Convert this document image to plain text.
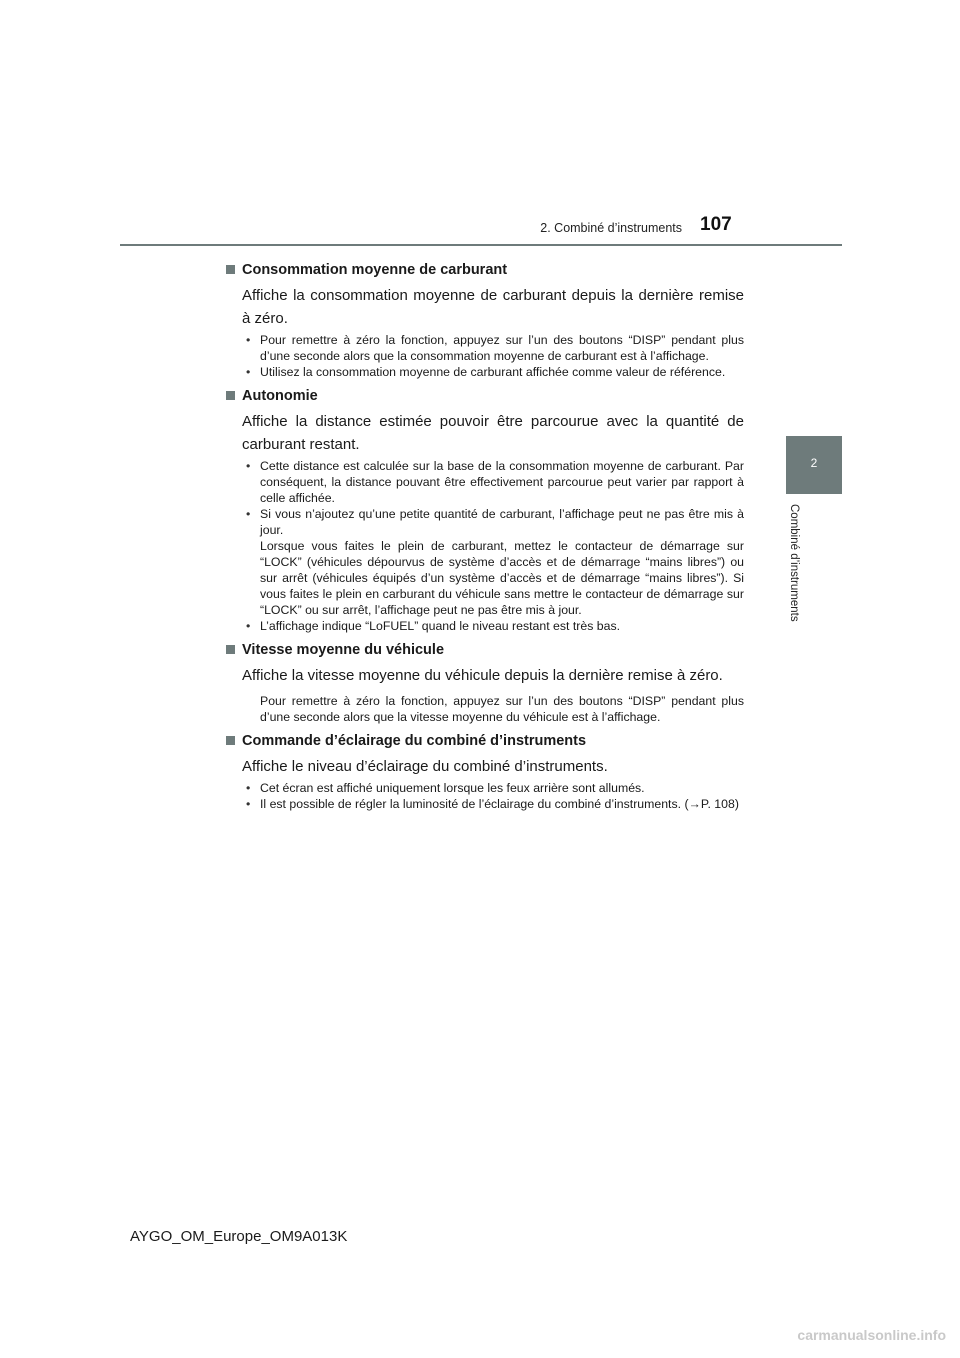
2. Combiné d’instruments 107
2
Combiné d’instruments
Consommation moyenne de carburant
Affiche la consommation moyenne de carburant depuis la dernière remise à zéro.
• Pour remettre à zéro la fonction, appuyez sur l’un des boutons “DISP” pendant plus d’une seconde alors que la consommation moyenne de carburant est à l’affichage.
• Utilisez la consommation moyenne de carburant affichée comme valeur de référence.
Autonomie
Affiche la distance estimée pouvoir être parcourue avec la quantité de carburant restant.
• Cette distance est calculée sur la base de la consommation moyenne de carburant. Par conséquent, la distance pouvant être effectivement parcourue peut varier par rapport à celle affichée.
• Si vous n’ajoutez qu’une petite quantité de carburant, l’affichage peut ne pas être mis à jour.
Lorsque vous faites le plein de carburant, mettez le contacteur de démarrage sur “LOCK” (véhicules dépourvus de système d’accès et de démarrage “mains libres”) ou sur arrêt (véhicules équipés d’un système d’accès et de démarrage “mains libres”). Si vous faites le plein en carburant du véhicule sans mettre le contacteur de démarrage sur “LOCK” ou sur arrêt, l’affichage peut ne pas être mis à jour.
• L’affichage indique “LoFUEL” quand le niveau restant est très bas.
Vitesse moyenne du véhicule
Affiche la vitesse moyenne du véhicule depuis la dernière remise à zéro.
Pour remettre à zéro la fonction, appuyez sur l’un des boutons “DISP” pendant plus d’une seconde alors que la vitesse moyenne du véhicule est à l’affichage.
Commande d’éclairage du combiné d’instruments
Affiche le niveau d’éclairage du combiné d’instruments.
• Cet écran est affiché uniquement lorsque les feux arrière sont allumés.
• Il est possible de régler la luminosité de l’éclairage du combiné d’instruments. (→P. 108)
AYGO_OM_Europe_OM9A013K
carmanualsonline.info
